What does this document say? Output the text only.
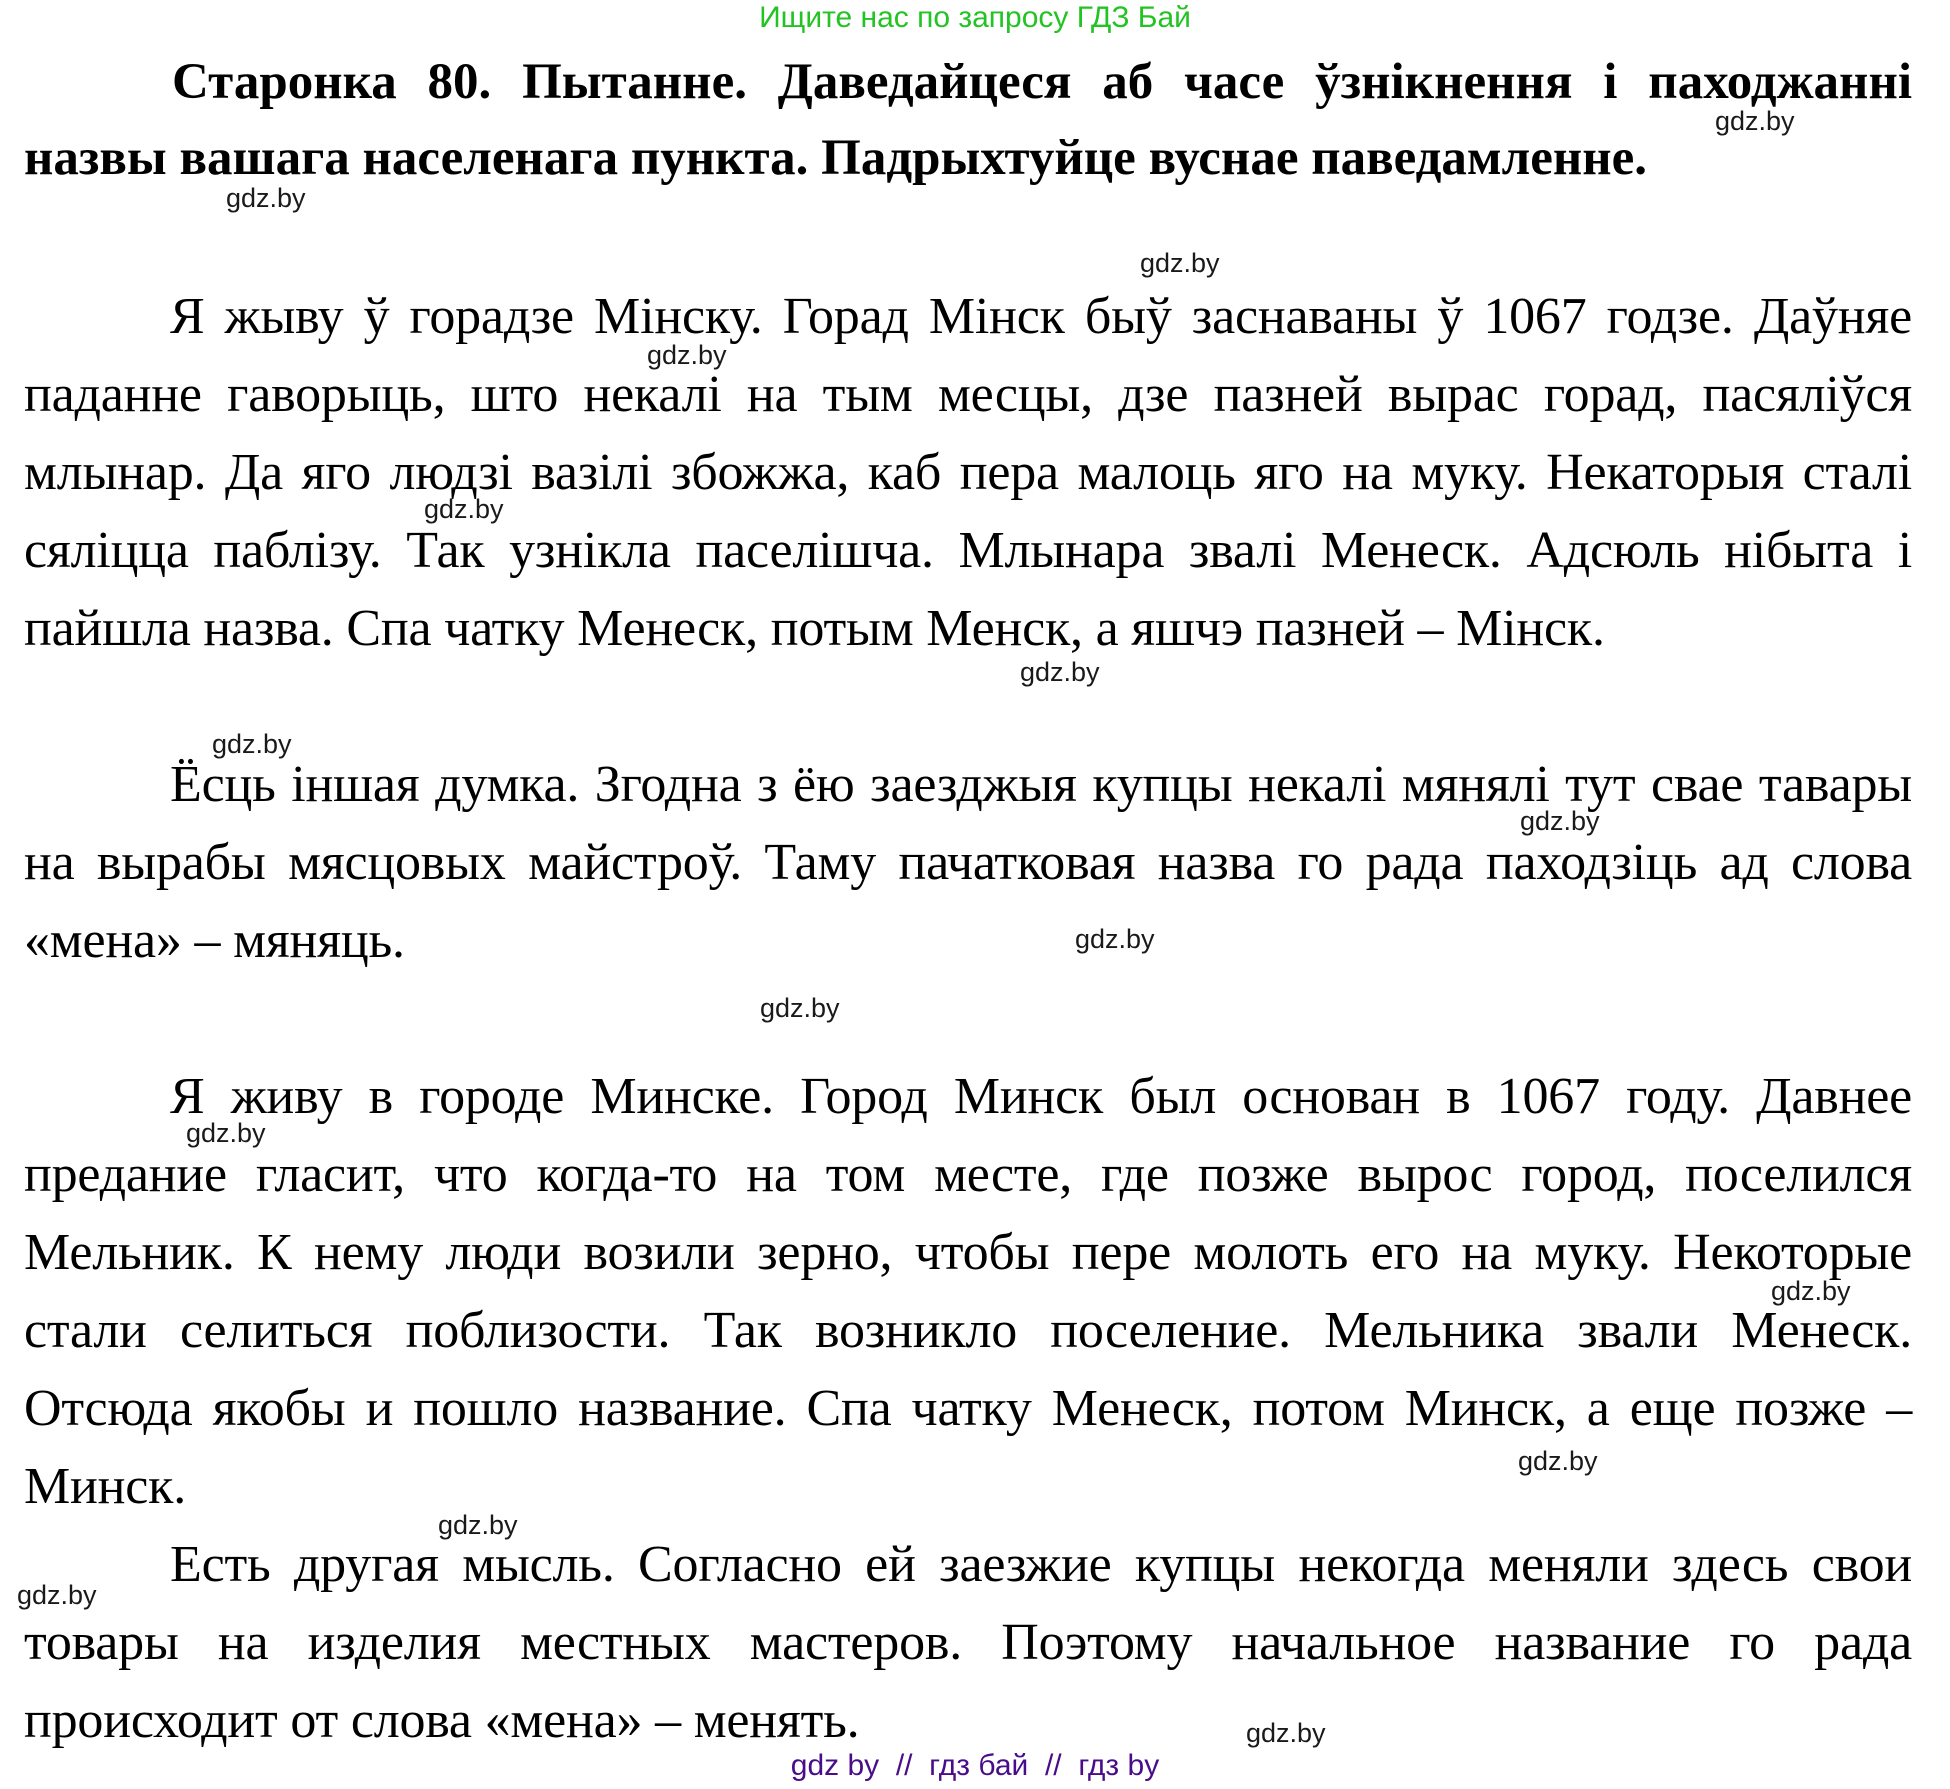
Ищите нас по запросу ГДЗ Бай

Старонка 80. Пытанне. Даведайцеся аб часе ўзнікнення і паходжанні назвы вашага населенага пункта. Падрыхтуйце вуснае паведамленне.

Я жыву ў горадзе Мінску. Горад Мінск быў заснаваны ў 1067 годзе. Даўняе паданне гаворыць, што некалі на тым месцы, дзе пазней вырас горад, пасяліўся млынар. Да яго людзі вазілі збожжа, каб пера малоць яго на муку. Некаторыя сталі сяліцца паблізу. Так узнікла паселішча. Млынара звалі Менеск. Адсюль нібыта і пайшла назва. Спа чатку Менеск, потым Менск, а яшчэ пазней – Мінск.

Ёсць іншая думка. Згодна з ёю заезджыя купцы некалі мянялі тут свае тавары на вырабы мясцовых майстроў. Таму пачатковая назва го рада паходзіць ад слова «мена» – мяняць.

Я живу в городе Минске. Город Минск был основан в 1067 году. Давнее предание гласит, что когда-то на том месте, где позже вырос город, поселился Мельник. К нему люди возили зерно, чтобы пере молоть его на муку. Некоторые стали селиться поблизости. Так возникло поселение. Мельника звали Менеск. Отсюда якобы и пошло название. Спа чатку Менеск, потом Минск, а еще позже – Минск.

Есть другая мысль. Согласно ей заезжие купцы некогда меняли здесь свои товары на изделия местных мастеров. Поэтому начальное название го рада происходит от слова «мена» – менять.

gdz.by
gdz.by
gdz.by
gdz.by
gdz.by
gdz.by
gdz.by
gdz.by
gdz.by
gdz.by
gdz.by
gdz.by
gdz.by
gdz.by
gdz.by
gdz.by
gdz by  //  гдз бай  //  гдз by
